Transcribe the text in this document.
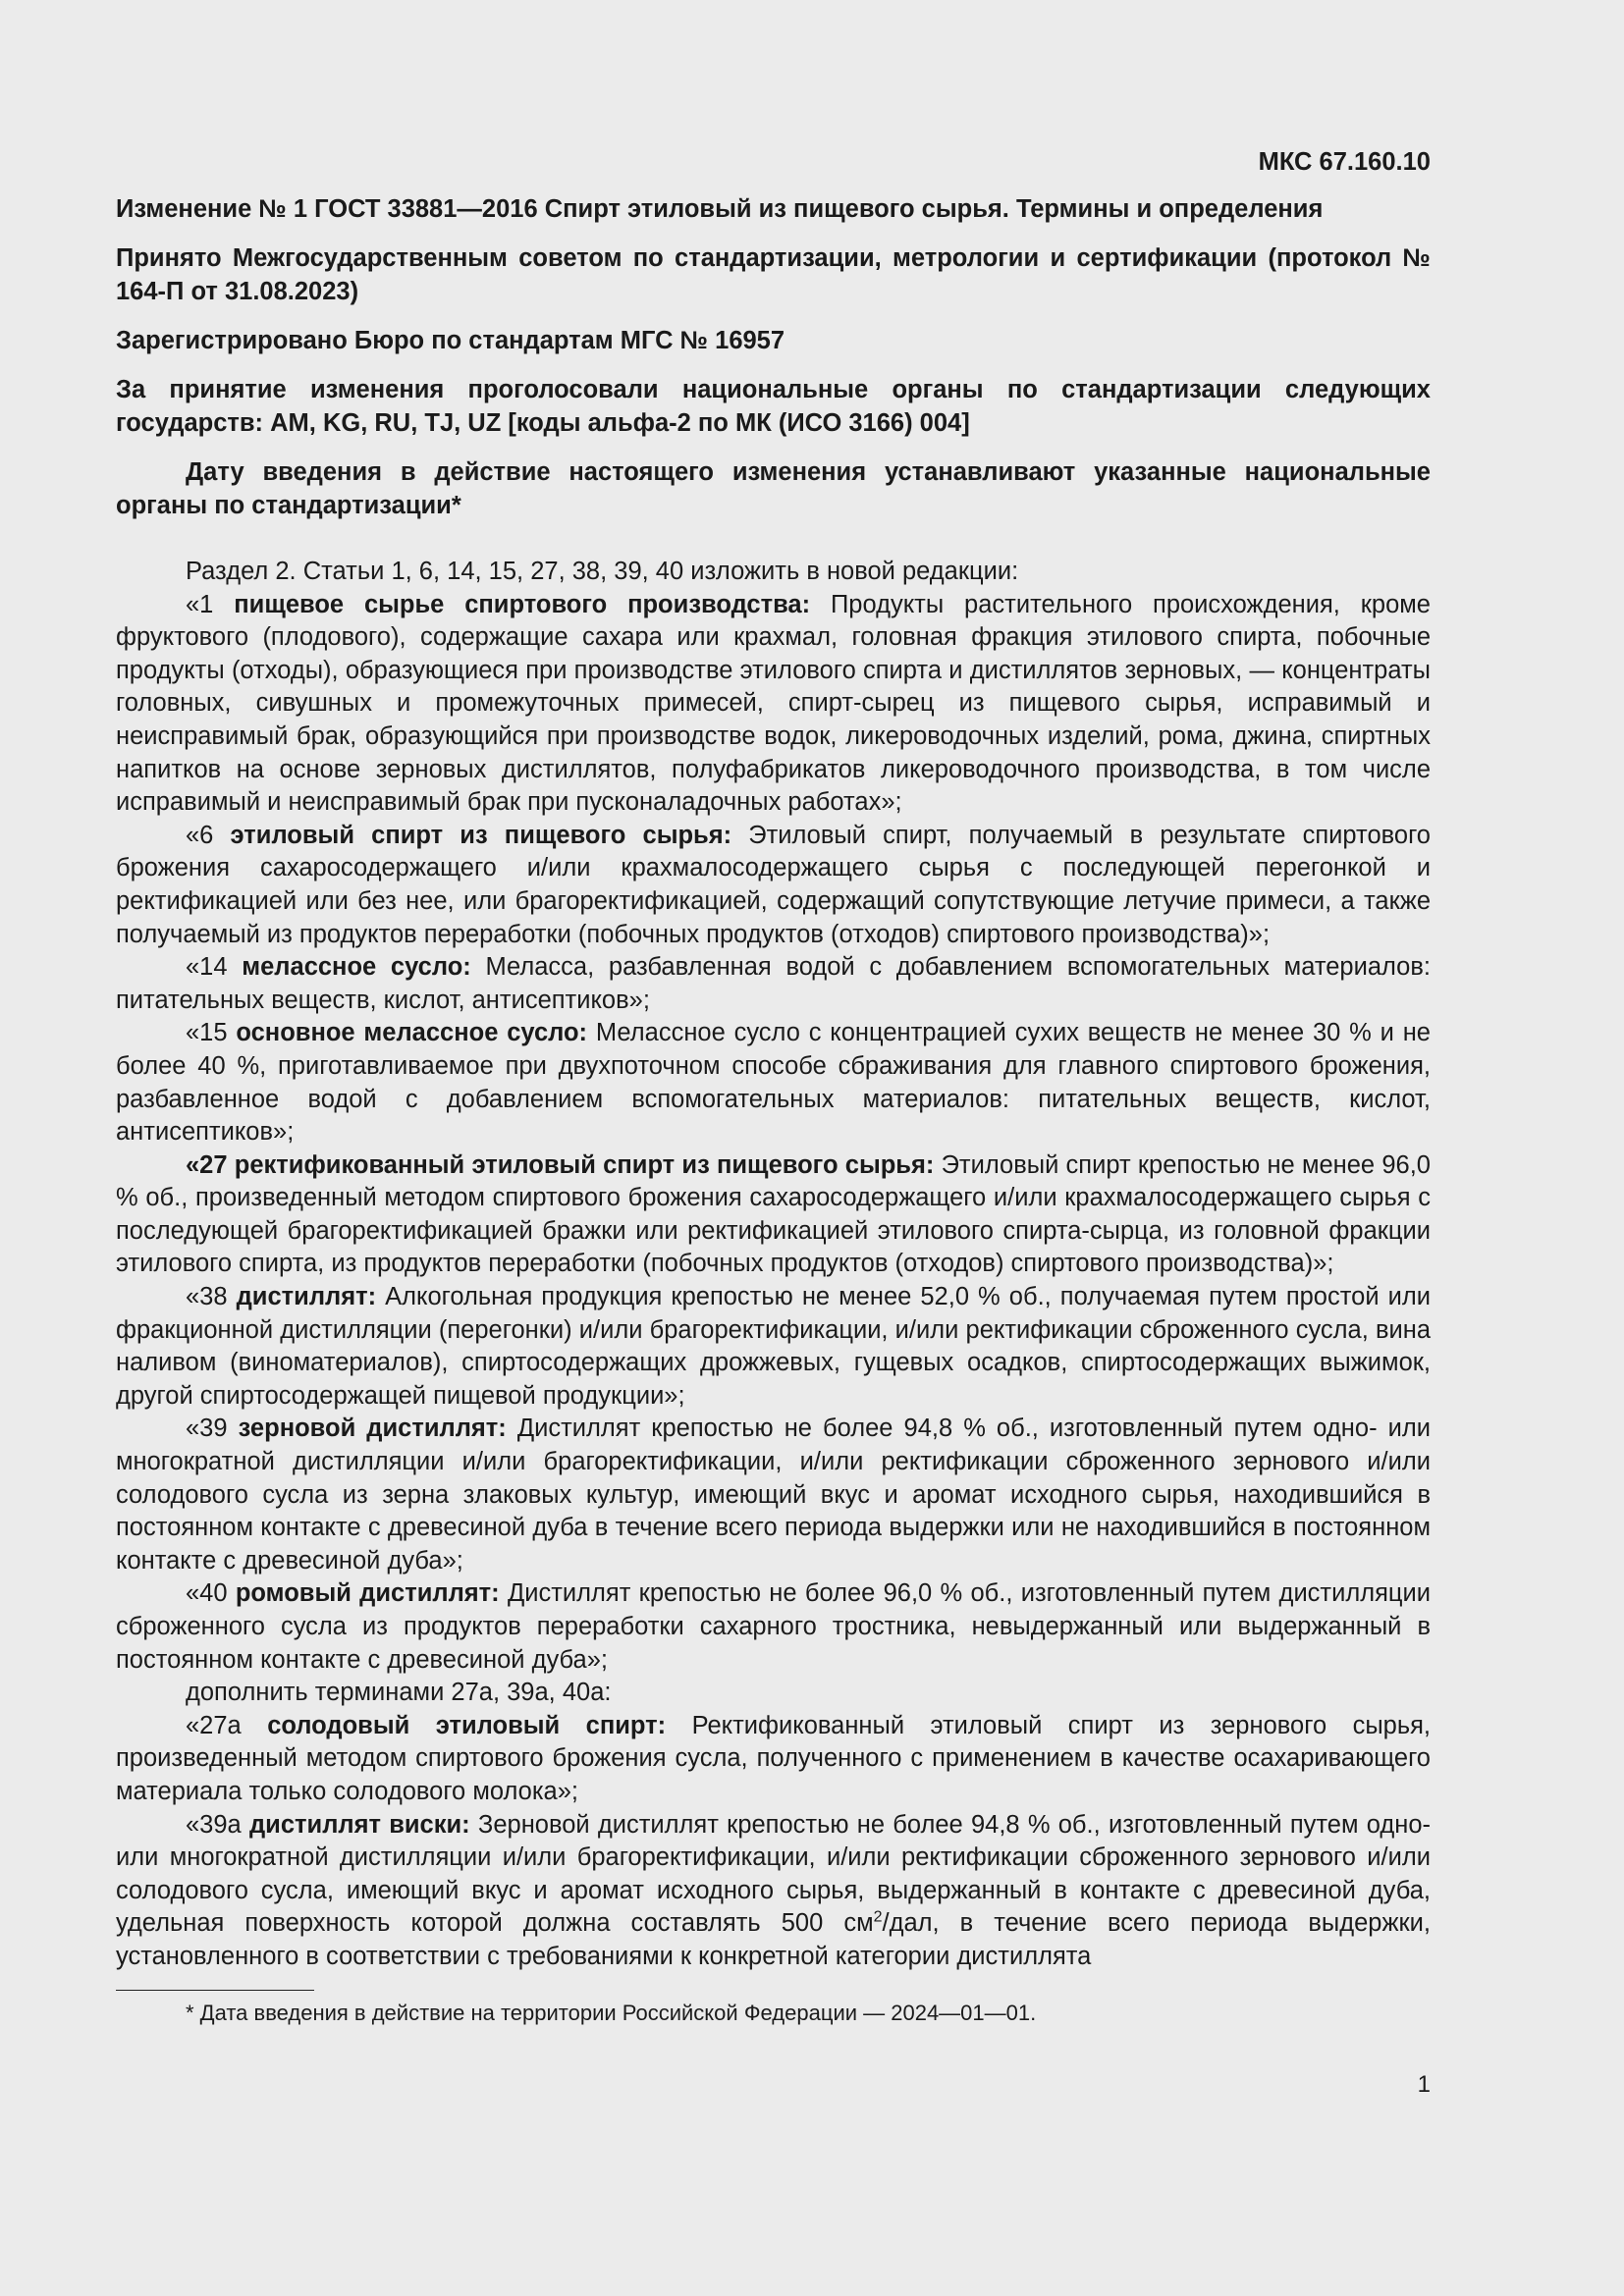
МКС 67.160.10
Изменение № 1 ГОСТ 33881—2016 Спирт этиловый из пищевого сырья. Термины и определения
Принято Межгосударственным советом по стандартизации, метрологии и сертификации (протокол № 164-П от 31.08.2023)
Зарегистрировано Бюро по стандартам МГС № 16957
За принятие изменения проголосовали национальные органы по стандартизации следующих государств: AM, KG, RU, TJ, UZ [коды альфа-2 по МК (ИСО 3166) 004]
Дату введения в действие настоящего изменения устанавливают указанные национальные органы по стандартизации*

Раздел 2. Статьи 1, 6, 14, 15, 27, 38, 39, 40 изложить в новой редакции:

«1 пищевое сырье спиртового производства: Продукты растительного происхождения, кроме фруктового (плодового), содержащие сахара или крахмал, головная фракция этилового спирта, побочные продукты (отходы), образующиеся при производстве этилового спирта и дистиллятов зерновых, — концентраты головных, сивушных и промежуточных примесей, спирт-сырец из пищевого сырья, исправимый и неисправимый брак, образующийся при производстве водок, ликероводочных изделий, рома, джина, спиртных напитков на основе зерновых дистиллятов, полуфабрикатов ликероводочного производства, в том числе исправимый и неисправимый брак при пусконаладочных работах»;

«6 этиловый спирт из пищевого сырья: Этиловый спирт, получаемый в результате спиртового брожения сахаросодержащего и/или крахмалосодержащего сырья с последующей перегонкой и ректификацией или без нее, или брагоректификацией, содержащий сопутствующие летучие примеси, а также получаемый из продуктов переработки (побочных продуктов (отходов) спиртового производства)»;

«14 мелассное сусло: Меласса, разбавленная водой с добавлением вспомогательных материалов: питательных веществ, кислот, антисептиков»;

«15 основное мелассное сусло: Мелассное сусло с концентрацией сухих веществ не менее 30 % и не более 40 %, приготавливаемое при двухпоточном способе сбраживания для главного спиртового брожения, разбавленное водой с добавлением вспомогательных материалов: питательных веществ, кислот, антисептиков»;

«27 ректификованный этиловый спирт из пищевого сырья: Этиловый спирт крепостью не менее 96,0 % об., произведенный методом спиртового брожения сахаросодержащего и/или крахмалосодержащего сырья с последующей брагоректификацией бражки или ректификацией этилового спирта-сырца, из головной фракции этилового спирта, из продуктов переработки (побочных продуктов (отходов) спиртового производства)»;

«38 дистиллят: Алкогольная продукция крепостью не менее 52,0 % об., получаемая путем простой или фракционной дистилляции (перегонки) и/или брагоректификации, и/или ректификации сброженного сусла, вина наливом (виноматериалов), спиртосодержащих дрожжевых, гущевых осадков, спиртосодержащих выжимок, другой спиртосодержащей пищевой продукции»;

«39 зерновой дистиллят: Дистиллят крепостью не более 94,8 % об., изготовленный путем одно- или многократной дистилляции и/или брагоректификации, и/или ректификации сброженного зернового и/или солодового сусла из зерна злаковых культур, имеющий вкус и аромат исходного сырья, находившийся в постоянном контакте с древесиной дуба в течение всего периода выдержки или не находившийся в постоянном контакте с древесиной дуба»;

«40 ромовый дистиллят: Дистиллят крепостью не более 96,0 % об., изготовленный путем дистилляции сброженного сусла из продуктов переработки сахарного тростника, невыдержанный или выдержанный в постоянном контакте с древесиной дуба»;

дополнить терминами 27а, 39а, 40а:

«27а солодовый этиловый спирт: Ректификованный этиловый спирт из зернового сырья, произведенный методом спиртового брожения сусла, полученного с применением в качестве осахаривающего материала только солодового молока»;

«39а дистиллят виски: Зерновой дистиллят крепостью не более 94,8 % об., изготовленный путем одно- или многократной дистилляции и/или брагоректификации, и/или ректификации сброженного зернового и/или солодового сусла, имеющий вкус и аромат исходного сырья, выдержанный в контакте с древесиной дуба, удельная поверхность которой должна составлять 500 $см^2$/дал, в течение всего периода выдержки, установленного в соответствии с требованиями к конкретной категории дистиллята

* Дата введения в действие на территории Российской Федерации — 2024—01—01.

1
